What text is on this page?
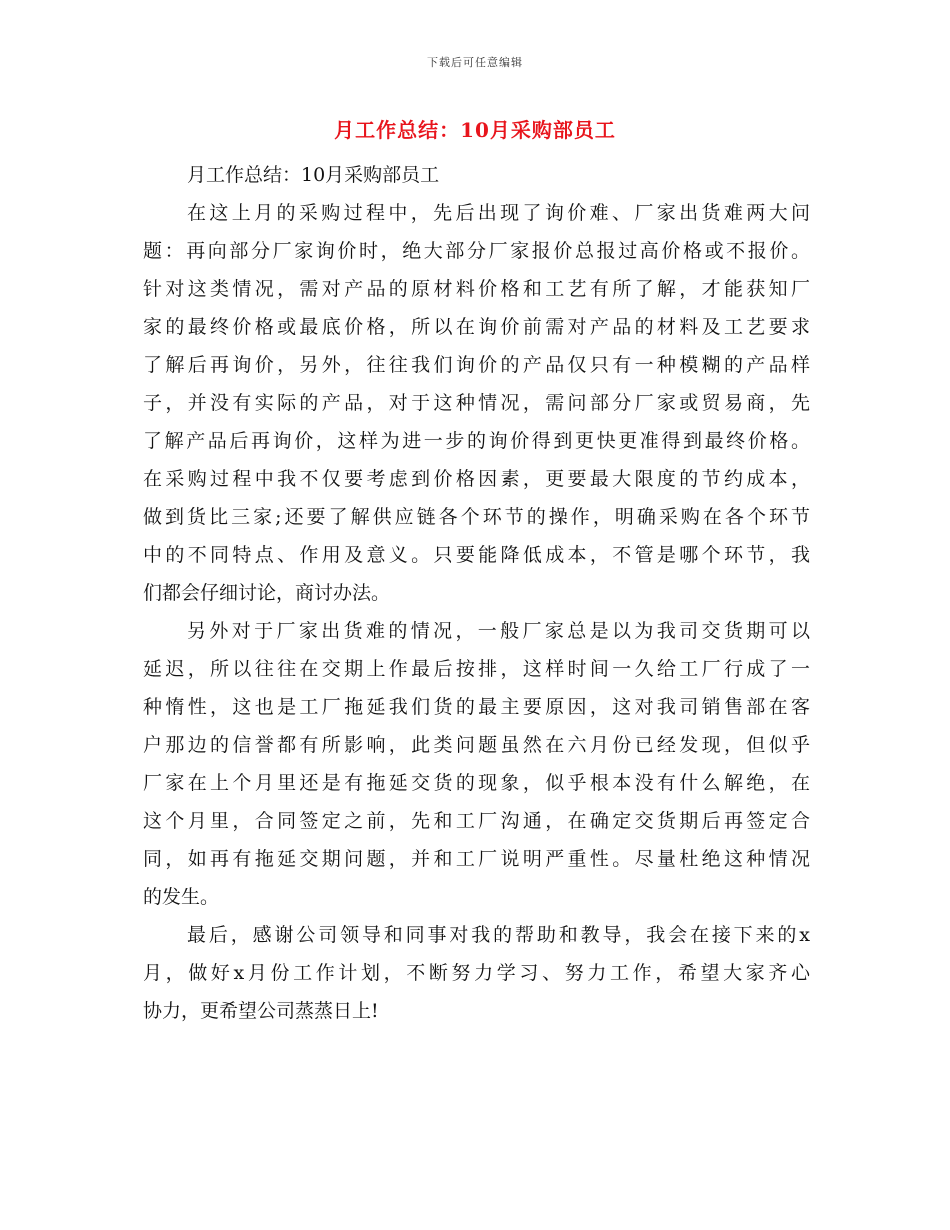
下载后可任意编辑
月工作总结：10月采购部员工
月工作总结：10月采购部员工
在这上月的采购过程中，先后出现了询价难、厂家出货难两大问
题：再向部分厂家询价时，绝大部分厂家报价总报过高价格或不报价。
针对这类情况，需对产品的原材料价格和工艺有所了解，才能获知厂
家的最终价格或最底价格，所以在询价前需对产品的材料及工艺要求
了解后再询价，另外，往往我们询价的产品仅只有一种模糊的产品样
子，并没有实际的产品，对于这种情况，需问部分厂家或贸易商，先
了解产品后再询价，这样为进一步的询价得到更快更准得到最终价格。
在采购过程中我不仅要考虑到价格因素，更要最大限度的节约成本，
做到货比三家;还要了解供应链各个环节的操作，明确采购在各个环节
中的不同特点、作用及意义。只要能降低成本，不管是哪个环节，我
们都会仔细讨论，商讨办法。
另外对于厂家出货难的情况，一般厂家总是以为我司交货期可以
延迟，所以往往在交期上作最后按排，这样时间一久给工厂行成了一
种惰性，这也是工厂拖延我们货的最主要原因，这对我司销售部在客
户那边的信誉都有所影响，此类问题虽然在六月份已经发现，但似乎
厂家在上个月里还是有拖延交货的现象，似乎根本没有什么解绝，在
这个月里，合同签定之前，先和工厂沟通，在确定交货期后再签定合
同，如再有拖延交期问题，并和工厂说明严重性。尽量杜绝这种情况
的发生。
最后，感谢公司领导和同事对我的帮助和教导，我会在接下来的x
月，做好x月份工作计划，不断努力学习、努力工作，希望大家齐心
协力，更希望公司蒸蒸日上!
